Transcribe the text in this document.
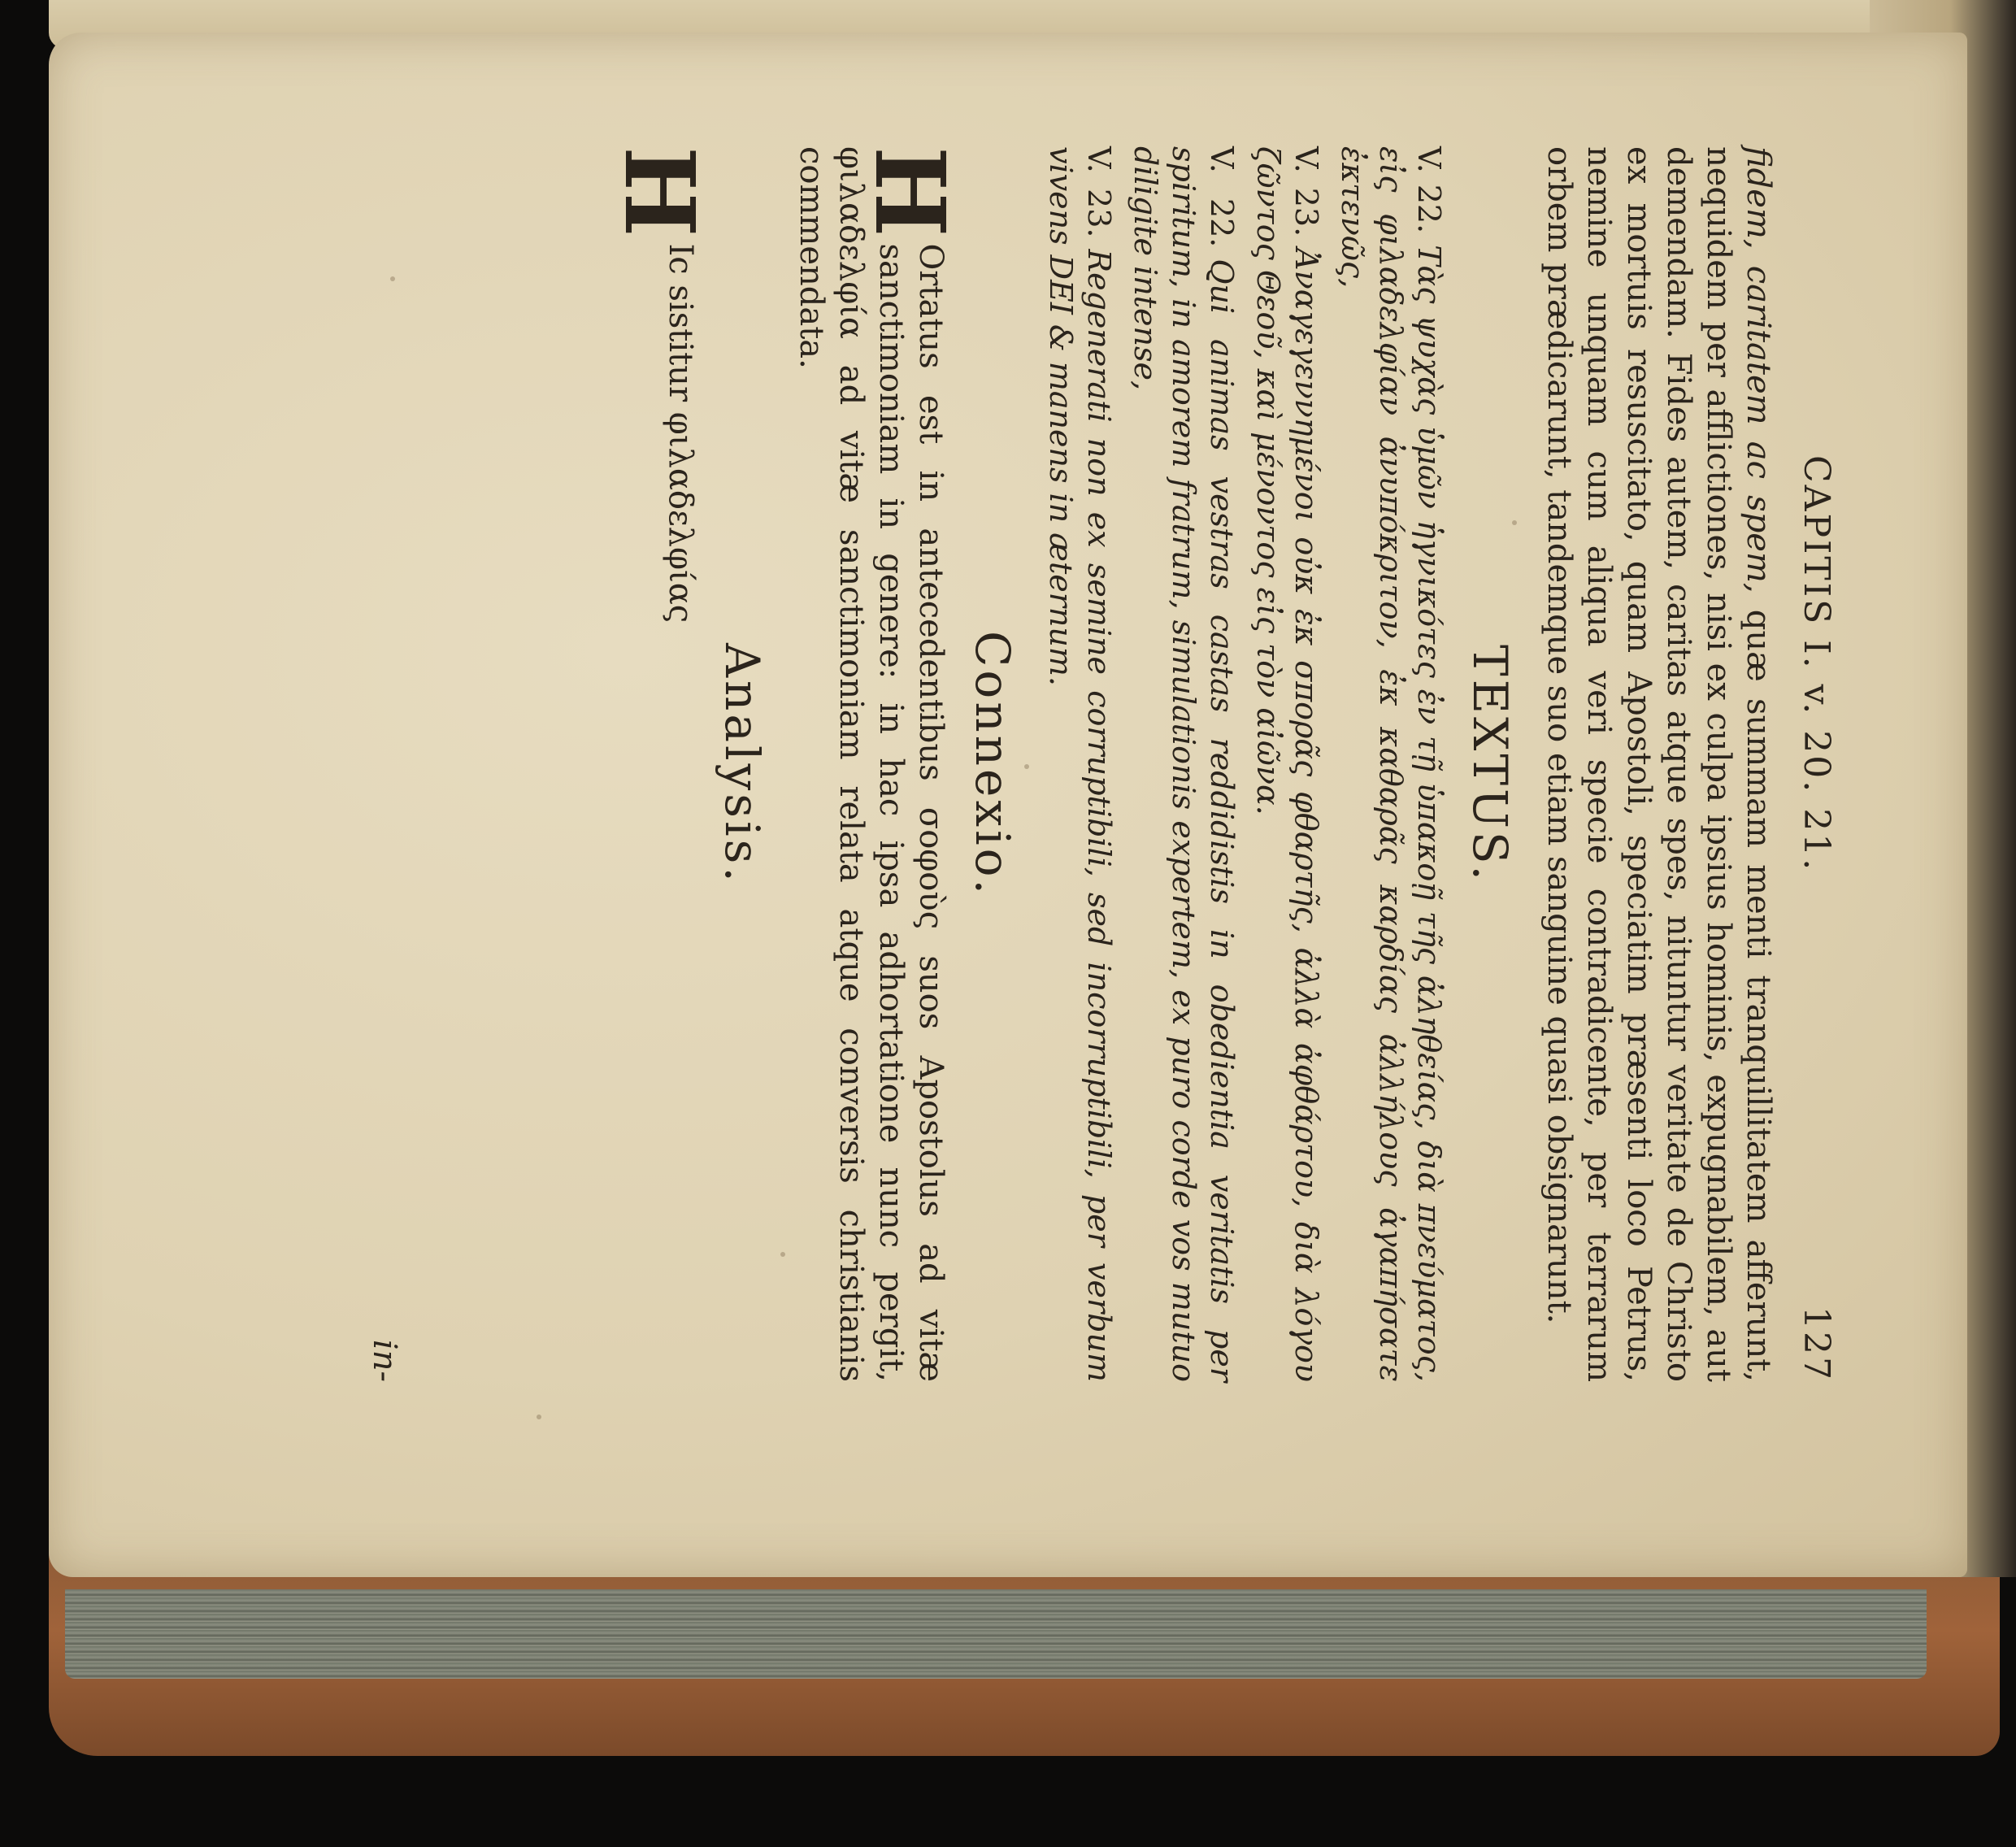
CAPITIS I. v. 20. 21.
127

fidem, caritatem ac spem, quæ summam menti tranquillitatem afferunt, nequidem per afflictiones, nisi ex culpa ipsius hominis, expugnabilem, aut demendam. Fides autem, caritas atque spes, nituntur veritate de Christo ex mortuis resuscitato, quam Apostoli, speciatim præsenti loco Petrus, nemine unquam cum aliqua veri specie contradicente, per terrarum orbem prædicarunt, tandemque suo etiam sanguine quasi obsignarunt.

TEXTUS.

V. 22.Τὰς ψυχὰς ὑμῶν ἡγνικότες ἐν τῇ ὑπακοῇ τῆς ἀληθείας, διὰ πνεύματος, εἰς φιλαδελφίαν ἀνυπόκριτον, ἐκ καθαρᾶς καρδίας ἀλλήλους ἀγαπήσατε ἐκτενῶς,

V. 23.Ἀναγεγεννημένοι οὐκ ἐκ σπορᾶς φθαρτῆς, ἀλλὰ ἀφθάρτου, διὰ λόγου ζῶντος Θεοῦ, καὶ μένοντος εἰς τὸν αἰῶνα.

V. 22.Qui animas vestras castas reddidistis in obedientia veritatis per spiritum, in amorem fratrum, simulationis expertem, ex puro corde vos mutuo diligite intense,

V. 23.Regenerati non ex semine corruptibili, sed incorruptibili, per verbum vivens DEI & manens in æternum.

Connexio.

H
Ortatus est in antecedentibus σοφοὺς suos Apostolus ad vitæ sanctimoniam in genere: in hac ipsa adhortatione nunc pergit, φιλαδελφία ad vitæ sanctimoniam relata atque conversis christianis commendata.

Analysis.

H
Ic sistitur φιλαδελφίας

in-
